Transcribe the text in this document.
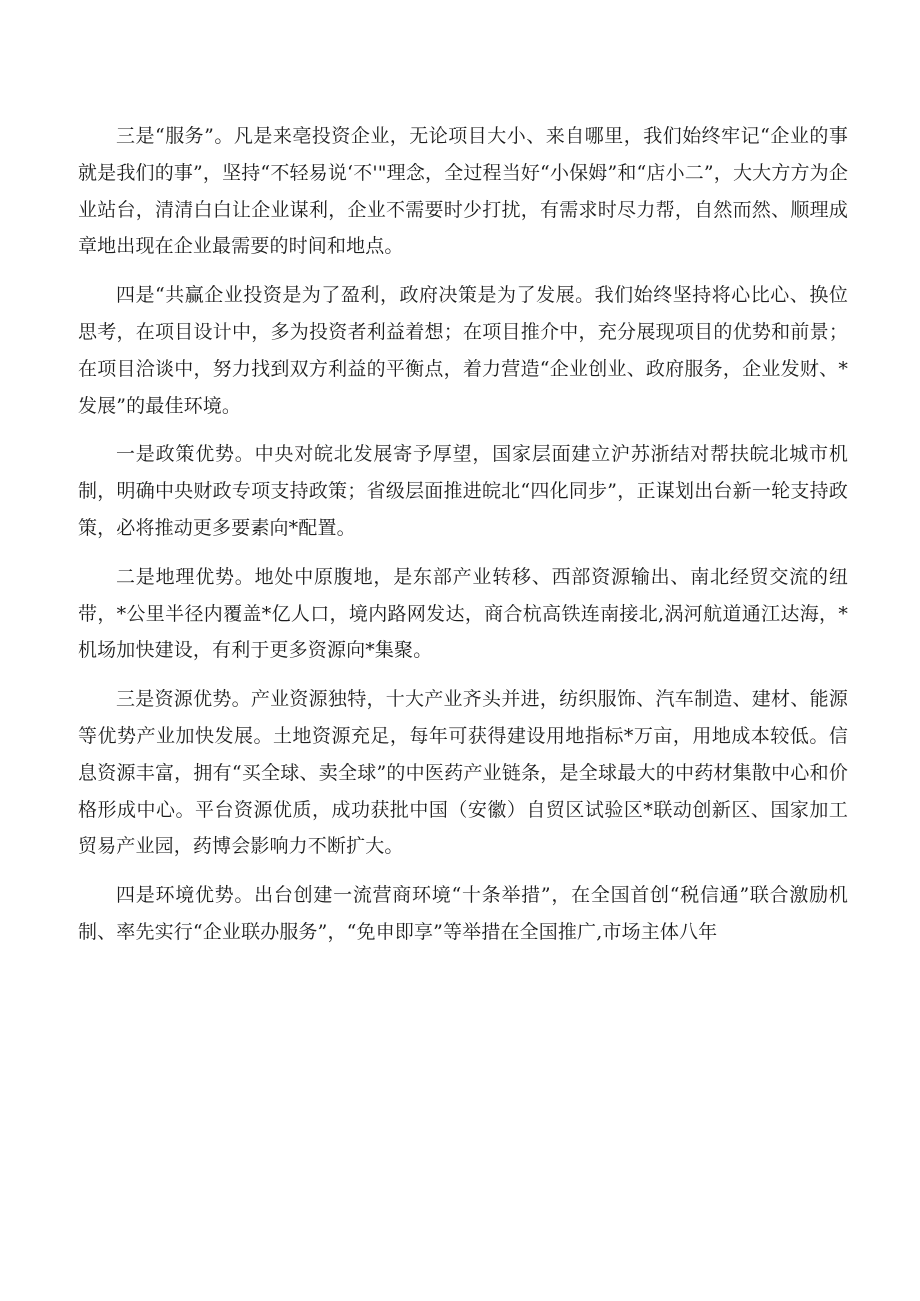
三是“服务”。凡是来亳投资企业，无论项目大小、来自哪里，我们始终牢记“企业的事就是我们的事”，坚持“不轻易说‘不'"理念，全过程当好“小保姆”和“店小二”，大大方方为企业站台，清清白白让企业谋利，企业不需要时少打扰，有需求时尽力帮，自然而然、顺理成章地出现在企业最需要的时间和地点。

四是“共赢企业投资是为了盈利，政府决策是为了发展。我们始终坚持将心比心、换位思考，在项目设计中，多为投资者利益着想；在项目推介中，充分展现项目的优势和前景；在项目洽谈中，努力找到双方利益的平衡点，着力营造“企业创业、政府服务，企业发财、*发展”的最佳环境。

一是政策优势。中央对皖北发展寄予厚望，国家层面建立沪苏浙结对帮扶皖北城市机制，明确中央财政专项支持政策；省级层面推进皖北“四化同步”，正谋划出台新一轮支持政策，必将推动更多要素向*配置。

二是地理优势。地处中原腹地，是东部产业转移、西部资源输出、南北经贸交流的纽带，*公里半径内覆盖*亿人口，境内路网发达，商合杭高铁连南接北,涡河航道通江达海，*机场加快建设，有利于更多资源向*集聚。

三是资源优势。产业资源独特，十大产业齐头并进，纺织服饰、汽车制造、建材、能源等优势产业加快发展。土地资源充足，每年可获得建设用地指标*万亩，用地成本较低。信息资源丰富，拥有“买全球、卖全球”的中医药产业链条，是全球最大的中药材集散中心和价格形成中心。平台资源优质，成功获批中国（安徽）自贸区试验区*联动创新区、国家加工贸易产业园，药博会影响力不断扩大。

四是环境优势。出台创建一流营商环境“十条举措”，在全国首创“税信通”联合激励机制、率先实行“企业联办服务”，“免申即享”等举措在全国推广,市场主体八年
